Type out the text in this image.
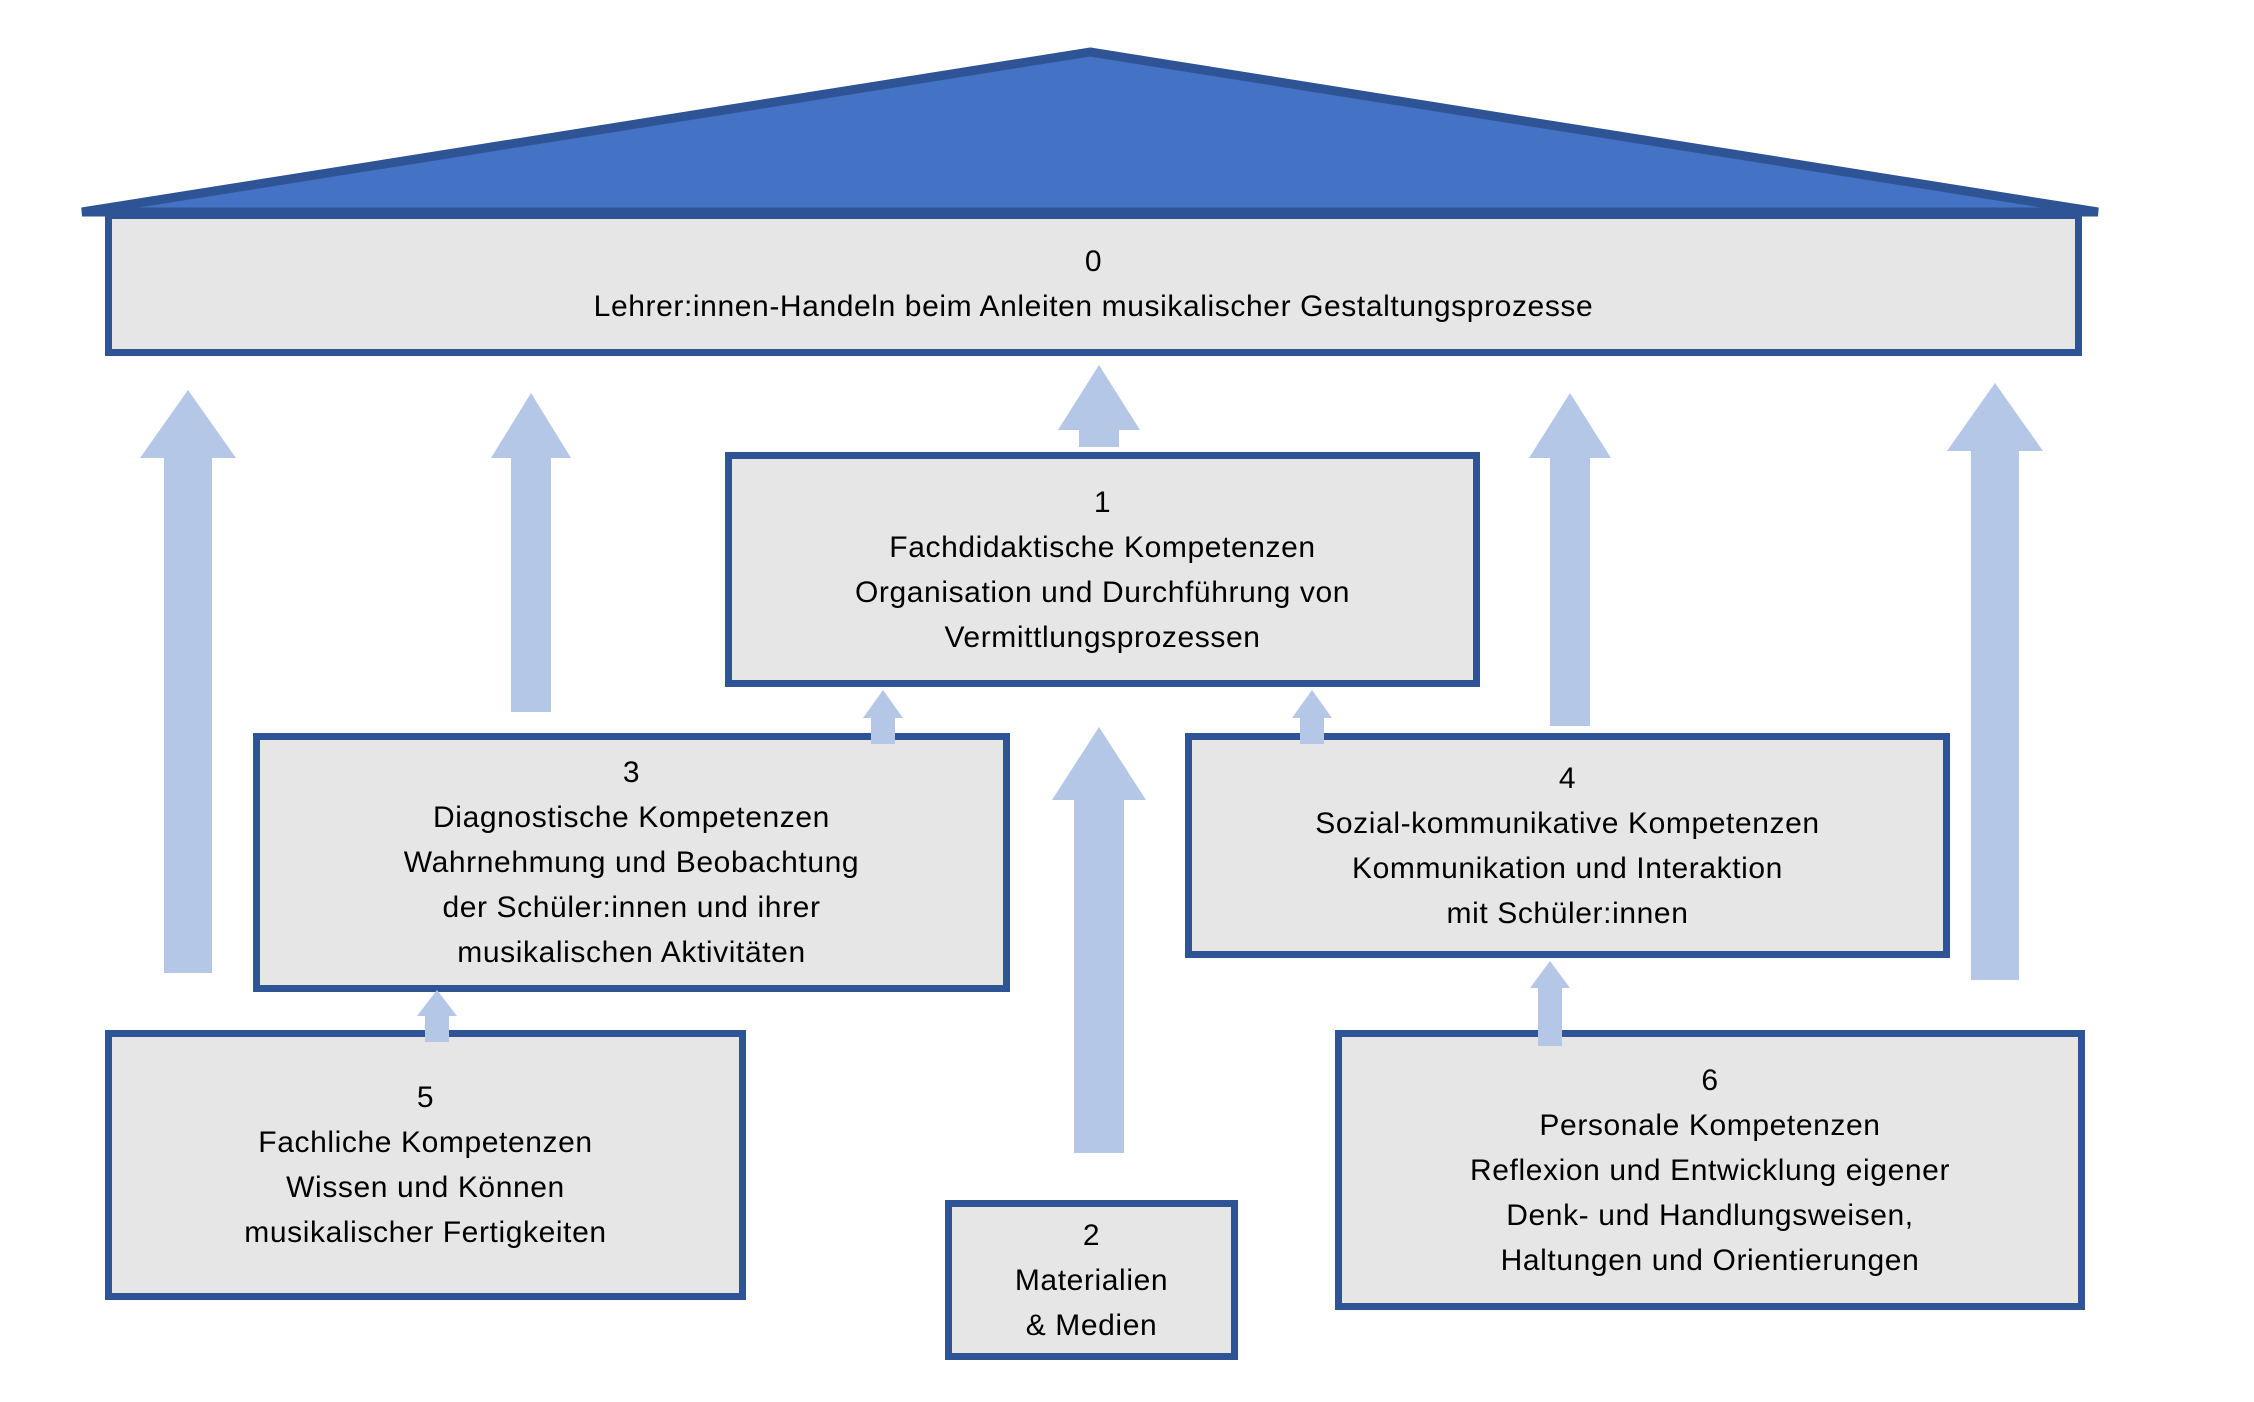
0
Lehrer:innen-Handeln beim Anleiten musikalischer Gestaltungsprozesse
1
Fachdidaktische Kompetenzen
Organisation und Durchführung von
Vermittlungsprozessen
3
Diagnostische Kompetenzen
Wahrnehmung und Beobachtung
der Schüler:innen und ihrer
musikalischen Aktivitäten
4
Sozial-kommunikative Kompetenzen
Kommunikation und Interaktion
mit Schüler:innen
5
Fachliche Kompetenzen
Wissen und Können
musikalischer Fertigkeiten	2
Materialien
& Medien
6
Personale Kompetenzen
Reflexion und Entwicklung eigener
Denk- und Handlungsweisen,
Haltungen und Orientierungen
